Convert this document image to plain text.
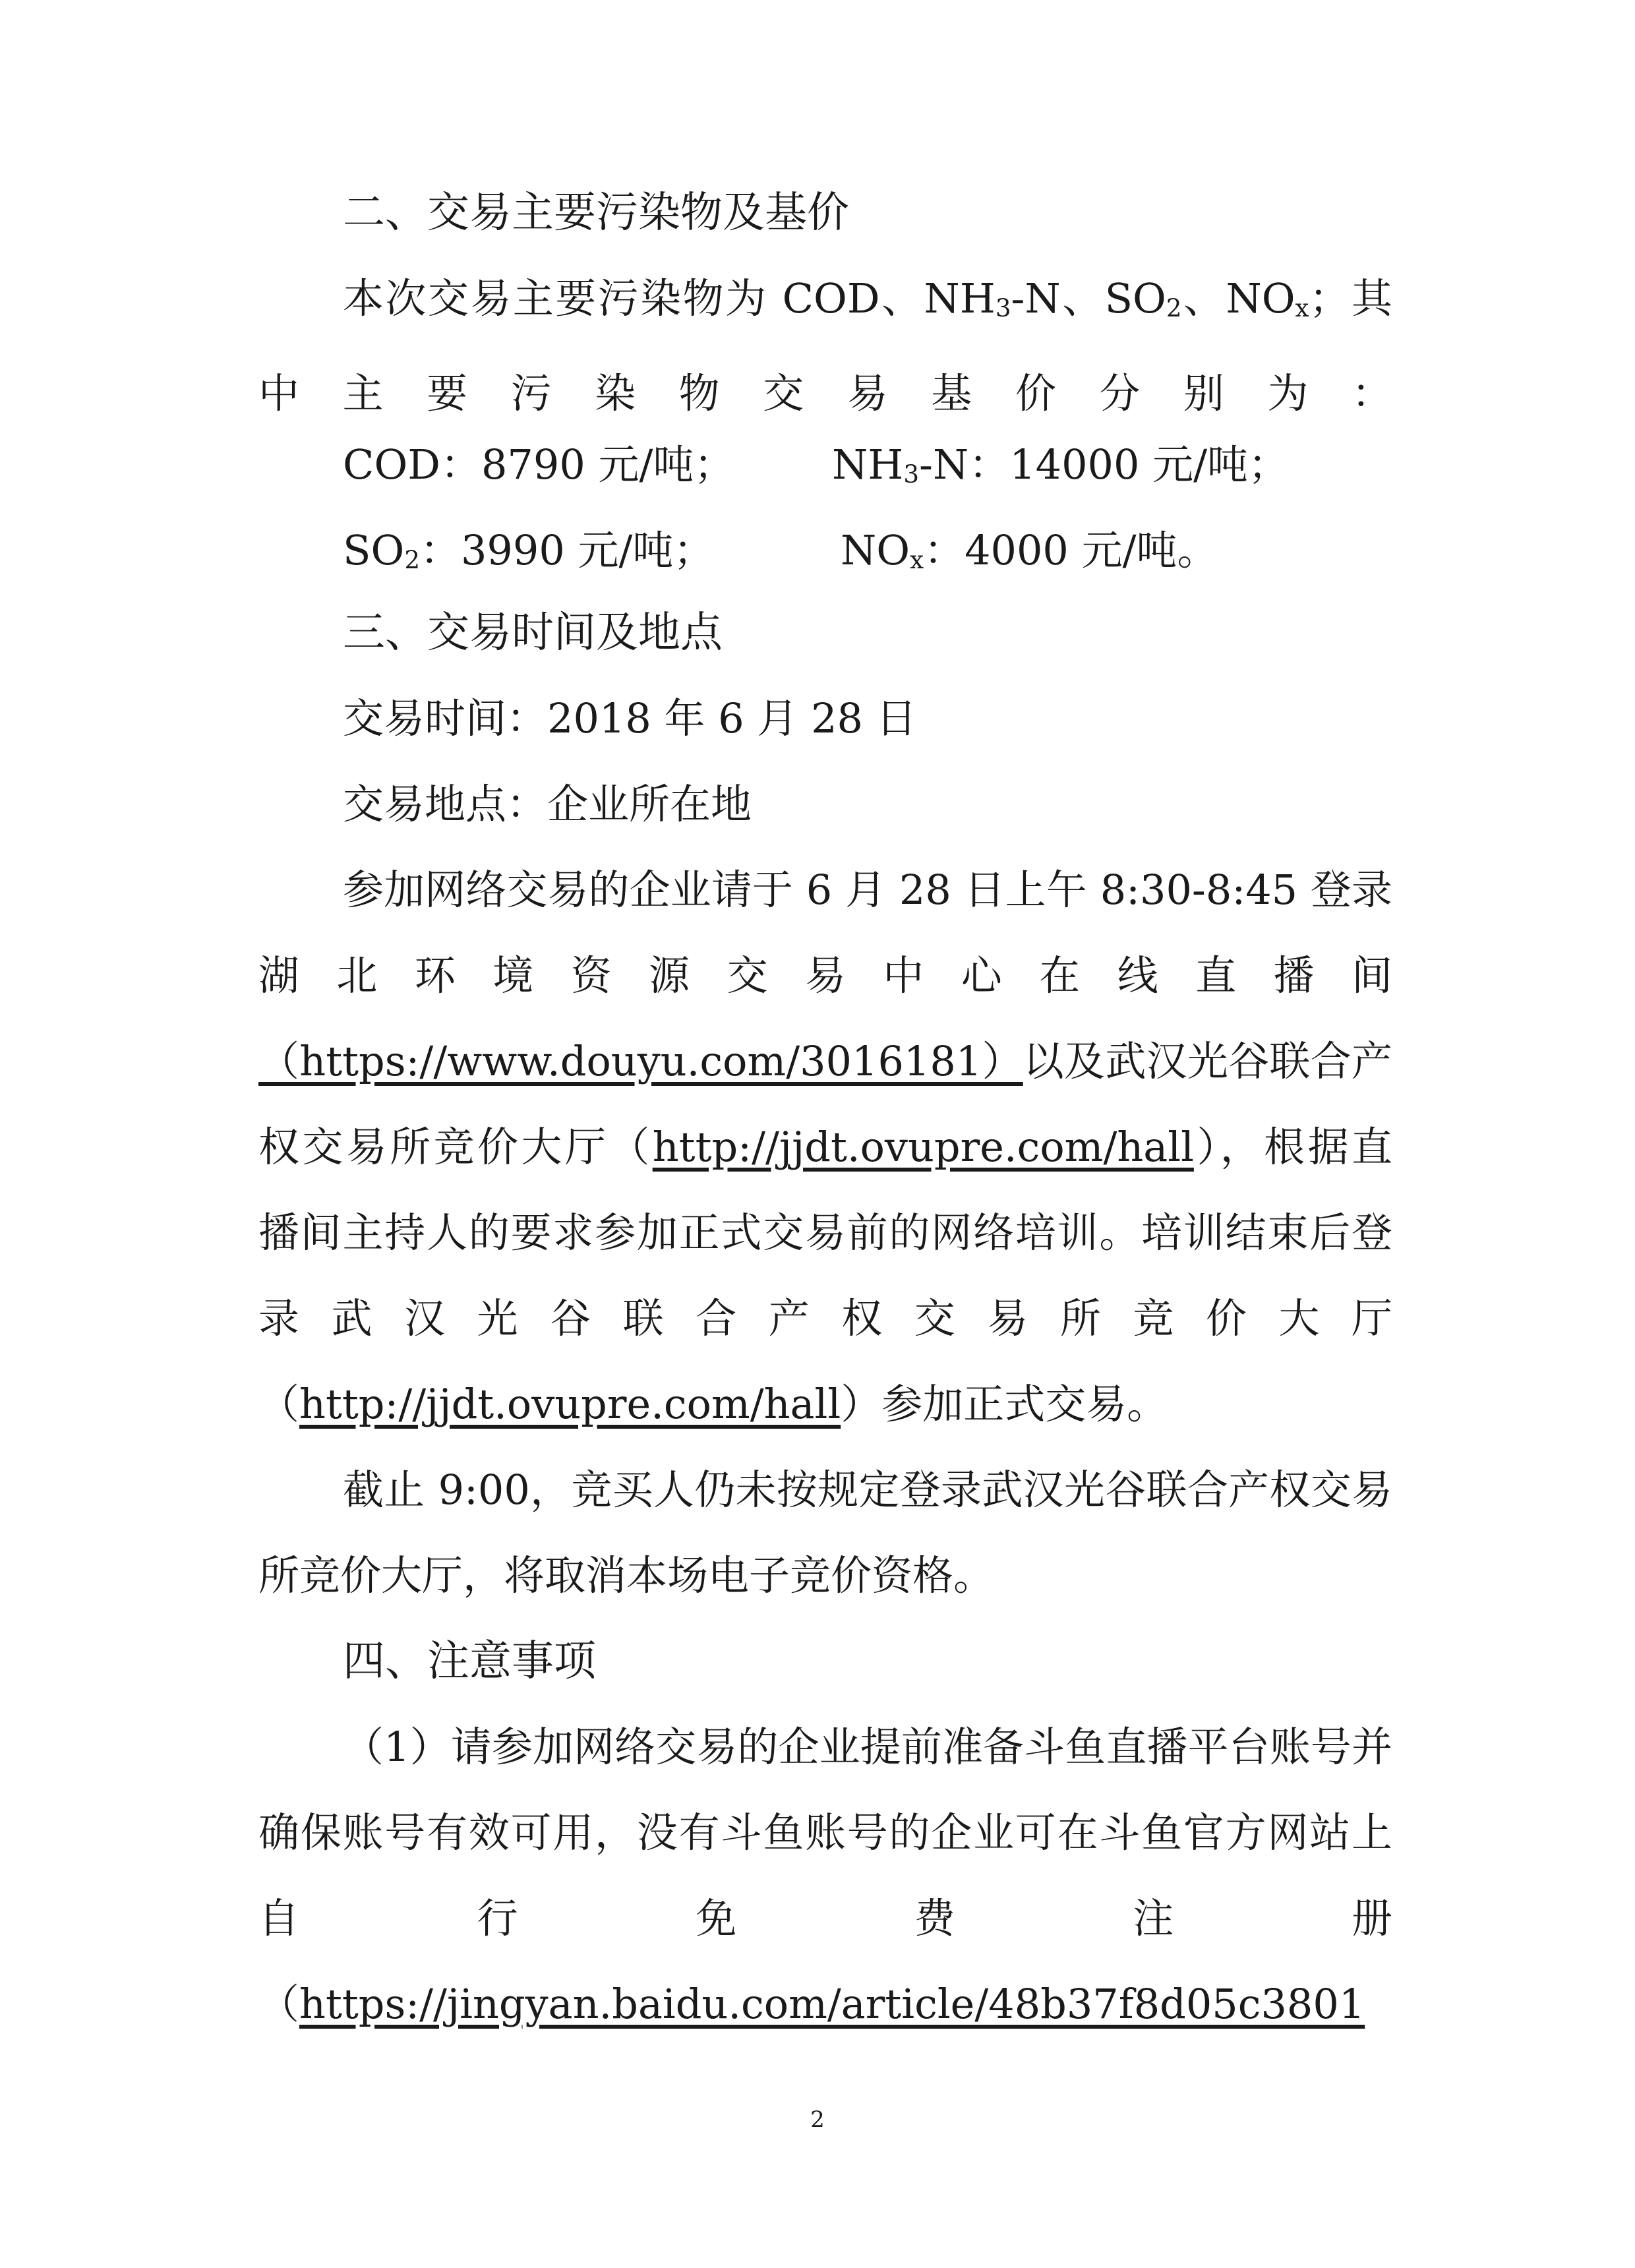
二、交易主要污染物及基价

本次交易主要污染物为 COD、$NH_3-N$、$SO_2$、$NO_x$；其中主要污染物交易基价分别为：

COD：8790 元/吨； $NH_3-N$：14000 元/吨；
$SO_2$：3990 元/吨；	$NO_x$：4000 元/吨。
三、交易时间及地点
交易时间：2018 年 6 月 28 日
交易地点：企业所在地

参加网络交易的企业请于 6 月 28 日上午 8:30-8:45 登录湖北环境资源交易中心在线直播间（https://www.douyu.com/3016181）以及武汉光谷联合产权交易所竞价大厅（http://jjdt.ovupre.com/hall），根据直播间主持人的要求参加正式交易前的网络培训。培训结束后登录武汉光谷联合产权交易所竞价大厅（http://jjdt.ovupre.com/hall）参加正式交易。

截止 9:00，竞买人仍未按规定登录武汉光谷联合产权交易所竞价大厅，将取消本场电子竞价资格。

四、注意事项

（1）请参加网络交易的企业提前准备斗鱼直播平台账号并确保账号有效可用，没有斗鱼账号的企业可在斗鱼官方网站上自行免费注册（https://jingyan.baidu.com/article/48b37f8d05c3801

2
